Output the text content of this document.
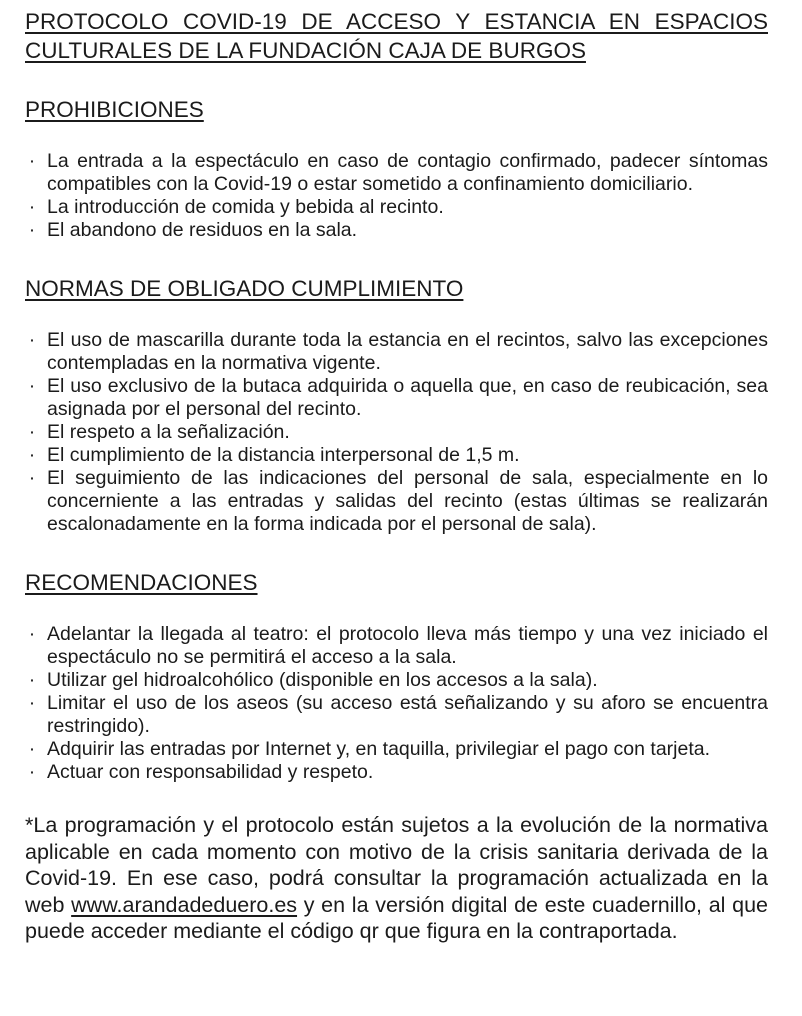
PROTOCOLO COVID-19 DE ACCESO Y ESTANCIA EN ESPACIOS
CULTURALES DE LA FUNDACIÓN CAJA DE BURGOS
PROHIBICIONES
· La entrada a la espectáculo en caso de contagio confirmado, padecer síntomas compatibles con la Covid-19 o estar sometido a confinamiento domiciliario.
· La introducción de comida y bebida al recinto.
· El abandono de residuos en la sala.
NORMAS DE OBLIGADO CUMPLIMIENTO
· El uso de mascarilla durante toda la estancia en el recintos, salvo las excepciones contempladas en la normativa vigente.
· El uso exclusivo de la butaca adquirida o aquella que, en caso de reubicación, sea asignada por el personal del recinto.
· El respeto a la señalización.
· El cumplimiento de la distancia interpersonal de 1,5 m.
· El seguimiento de las indicaciones del personal de sala, especialmente en lo concerniente a las entradas y salidas del recinto (estas últimas se realizarán escalonadamente en la forma indicada por el personal de sala).
RECOMENDACIONES
· Adelantar la llegada al teatro: el protocolo lleva más tiempo y una vez iniciado el espectáculo no se permitirá el acceso a la sala.
· Utilizar gel hidroalcohólico (disponible en los accesos a la sala).
· Limitar el uso de los aseos (su acceso está señalizando y su aforo se encuentra restringido).
· Adquirir las entradas por Internet y, en taquilla, privilegiar el pago con tarjeta.
· Actuar con responsabilidad y respeto.

*La programación y el protocolo están sujetos a la evolución de la normativa aplicable en cada momento con motivo de la crisis sanitaria derivada de la Covid-19. En ese caso, podrá consultar la programación actualizada en la web www.arandadeduero.es y en la versión digital de este cuadernillo, al que puede acceder mediante el código qr que figura en la contraportada.
